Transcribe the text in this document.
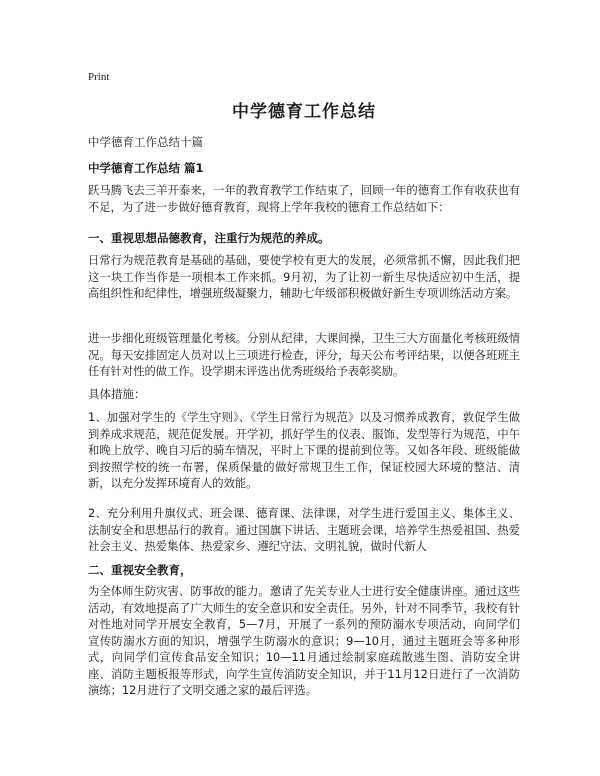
Print
中学德育工作总结
中学德育工作总结十篇
中学德育工作总结 篇1

跃马腾飞去三羊开泰来，一年的教育教学工作结束了，回顾一年的德育工作有收获也有不足，为了进一步做好德育教育，现将上学年我校的德育工作总结如下：

一、重视思想品德教育，注重行为规范的养成。

日常行为规范教育是基础的基础，要使学校有更大的发展，必须常抓不懈，因此我们把这一块工作当作是一项根本工作来抓。9月初，为了让初一新生尽快适应初中生活，提高组织性和纪律性，增强班级凝聚力，辅助七年级部积极做好新生专项训练活动方案。

进一步细化班级管理量化考核。分别从纪律，大课间操，卫生三大方面量化考核班级情况。每天安排固定人员对以上三项进行检查，评分，每天公布考评结果，以便各班班主任有针对性的做工作。设学期末评选出优秀班级给予表彰奖励。

具体措施：

1、加强对学生的《学生守则》、《学生日常行为规范》以及习惯养成教育，敦促学生做到养成求规范，规范促发展。开学初，抓好学生的仪表、服饰、发型等行为规范，中午和晚上放学、晚自习后的骑车情况，平时上下课的提前到位等。又如各年段、班级能做到按照学校的统一布署，保质保量的做好常规卫生工作，保证校园大环境的整洁、清新，以充分发挥环境育人的效能。

2、充分利用升旗仪式、班会课、德育课、法律课，对学生进行爱国主义、集体主义、法制安全和思想品行的教育。通过国旗下讲话、主题班会课，培养学生热爱祖国、热爱社会主义、热爱集体、热爱家乡、遵纪守法、文明礼貌，做时代新人

二、重视安全教育，

为全体师生防灾害、防事故的能力。邀请了先关专业人士进行安全健康讲座。通过这些活动，有效地提高了广大师生的安全意识和安全责任。另外，针对不同季节，我校有针对性地对同学开展安全教育，5—7月，开展了一系列的预防溺水专项活动，向同学们宣传防溺水方面的知识，增强学生防溺水的意识；9—10月，通过主题班会等多种形式，向同学们宣传食品安全知识；10—11月通过绘制家庭疏散逃生图、消防安全讲座、消防主题板报等形式，向学生宣传消防安全知识，并于11月12日进行了一次消防演练；12月进行了文明交通之家的最后评选。
